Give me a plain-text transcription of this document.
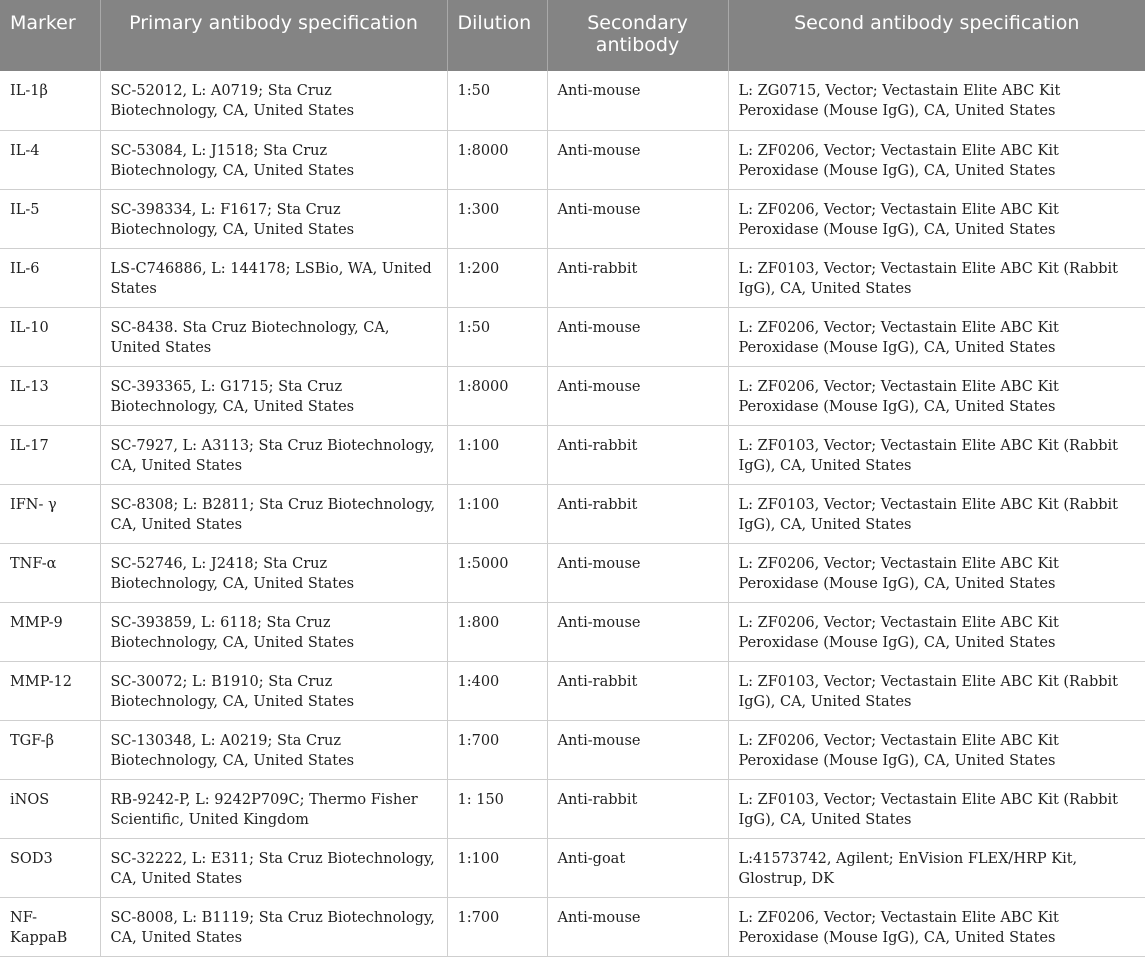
Marker	Primary antibody specification	Dilution	Secondary antibody	Second antibody specification
IL-1β	SC-52012, L: A0719; Sta Cruz Biotechnology, CA, United States	1:50	Anti-mouse	L: ZG0715, Vector; Vectastain Elite ABC Kit Peroxidase (Mouse IgG), CA, United States
IL-4	SC-53084, L: J1518; Sta Cruz Biotechnology, CA, United States	1:8000	Anti-mouse	L: ZF0206, Vector; Vectastain Elite ABC Kit Peroxidase (Mouse IgG), CA, United States
IL-5	SC-398334, L: F1617; Sta Cruz Biotechnology, CA, United States	1:300	Anti-mouse	L: ZF0206, Vector; Vectastain Elite ABC Kit Peroxidase (Mouse IgG), CA, United States
IL-6	LS-C746886, L: 144178; LSBio, WA, United States	1:200	Anti-rabbit	L: ZF0103, Vector; Vectastain Elite ABC Kit (Rabbit IgG), CA, United States
IL-10	SC-8438. Sta Cruz Biotechnology, CA, United States	1:50	Anti-mouse	L: ZF0206, Vector; Vectastain Elite ABC Kit Peroxidase (Mouse IgG), CA, United States
IL-13	SC-393365, L: G1715; Sta Cruz Biotechnology, CA, United States	1:8000	Anti-mouse	L: ZF0206, Vector; Vectastain Elite ABC Kit Peroxidase (Mouse IgG), CA, United States
IL-17	SC-7927, L: A3113; Sta Cruz Biotechnology, CA, United States	1:100	Anti-rabbit	L: ZF0103, Vector; Vectastain Elite ABC Kit (Rabbit IgG), CA, United States
IFN- γ	SC-8308; L: B2811; Sta Cruz Biotechnology, CA, United States	1:100	Anti-rabbit	L: ZF0103, Vector; Vectastain Elite ABC Kit (Rabbit IgG), CA, United States
TNF-α	SC-52746, L: J2418; Sta Cruz Biotechnology, CA, United States	1:5000	Anti-mouse	L: ZF0206, Vector; Vectastain Elite ABC Kit Peroxidase (Mouse IgG), CA, United States
MMP-9	SC-393859, L: 6118; Sta Cruz Biotechnology, CA, United States	1:800	Anti-mouse	L: ZF0206, Vector; Vectastain Elite ABC Kit Peroxidase (Mouse IgG), CA, United States
MMP-12	SC-30072; L: B1910; Sta Cruz Biotechnology, CA, United States	1:400	Anti-rabbit	L: ZF0103, Vector; Vectastain Elite ABC Kit (Rabbit IgG), CA, United States
TGF-β	SC-130348, L: A0219; Sta Cruz Biotechnology, CA, United States	1:700	Anti-mouse	L: ZF0206, Vector; Vectastain Elite ABC Kit Peroxidase (Mouse IgG), CA, United States
iNOS	RB-9242-P, L: 9242P709C; Thermo Fisher Scientific, United Kingdom	1: 150	Anti-rabbit	L: ZF0103, Vector; Vectastain Elite ABC Kit (Rabbit IgG), CA, United States
SOD3	SC-32222, L: E311; Sta Cruz Biotechnology, CA, United States	1:100	Anti-goat	L:41573742, Agilent; EnVision FLEX/HRP Kit, Glostrup, DK
NF-KappaB	SC-8008, L: B1119; Sta Cruz Biotechnology, CA, United States	1:700	Anti-mouse	L: ZF0206, Vector; Vectastain Elite ABC Kit Peroxidase (Mouse IgG), CA, United States
